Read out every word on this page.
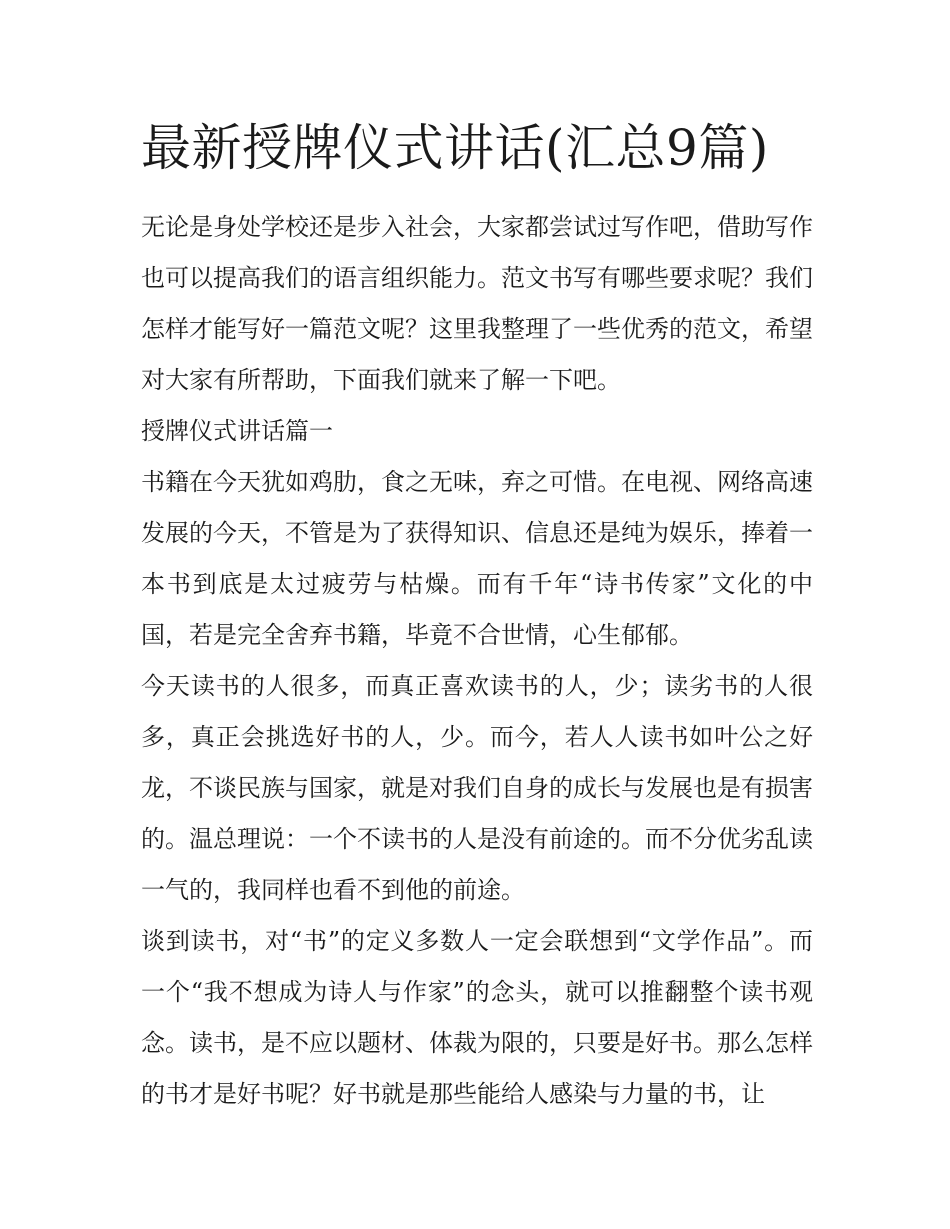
最新授牌仪式讲话(汇总9篇)

无论是身处学校还是步入社会，大家都尝试过写作吧，借助写作也可以提高我们的语言组织能力。范文书写有哪些要求呢？我们怎样才能写好一篇范文呢？这里我整理了一些优秀的范文，希望对大家有所帮助，下面我们就来了解一下吧。

授牌仪式讲话篇一

书籍在今天犹如鸡肋，食之无味，弃之可惜。在电视、网络高速发展的今天，不管是为了获得知识、信息还是纯为娱乐，捧着一本书到底是太过疲劳与枯燥。而有千年“诗书传家”文化的中国，若是完全舍弃书籍，毕竟不合世情，心生郁郁。

今天读书的人很多，而真正喜欢读书的人，少；读劣书的人很多，真正会挑选好书的人，少。而今，若人人读书如叶公之好龙，不谈民族与国家，就是对我们自身的成长与发展也是有损害的。温总理说：一个不读书的人是没有前途的。而不分优劣乱读一气的，我同样也看不到他的前途。

谈到读书，对“书”的定义多数人一定会联想到“文学作品”。而一个“我不想成为诗人与作家”的念头，就可以推翻整个读书观念。读书，是不应以题材、体裁为限的，只要是好书。那么怎样的书才是好书呢？好书就是那些能给人感染与力量的书，让
